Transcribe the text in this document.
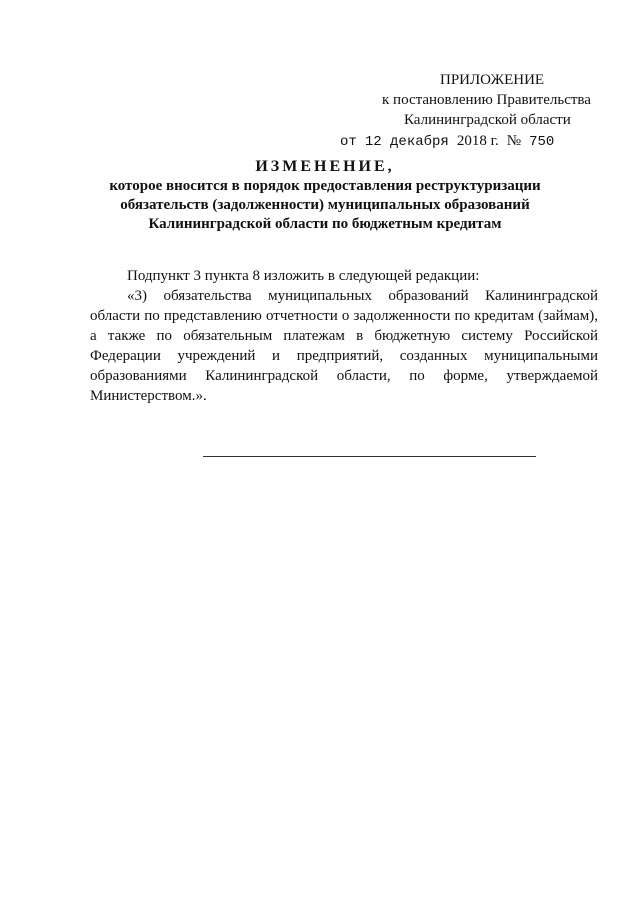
ПРИЛОЖЕНИЕ
к постановлению Правительства
Калининградской области
от 12 декабря 2018 г. № 750
ИЗМЕНЕНИЕ,
которое вносится в порядок предоставления реструктуризации
обязательств (задолженности) муниципальных образований
Калининградской области по бюджетным кредитам

Подпункт 3 пункта 8 изложить в следующей редакции:

«3) обязательства муниципальных образований Калининградской области по представлению отчетности о задолженности по кредитам (займам), а также по обязательным платежам в бюджетную систему Российской Федерации учреждений и предприятий, созданных муниципальными образованиями Калининградской области, по форме, утверждаемой Министерством.».
